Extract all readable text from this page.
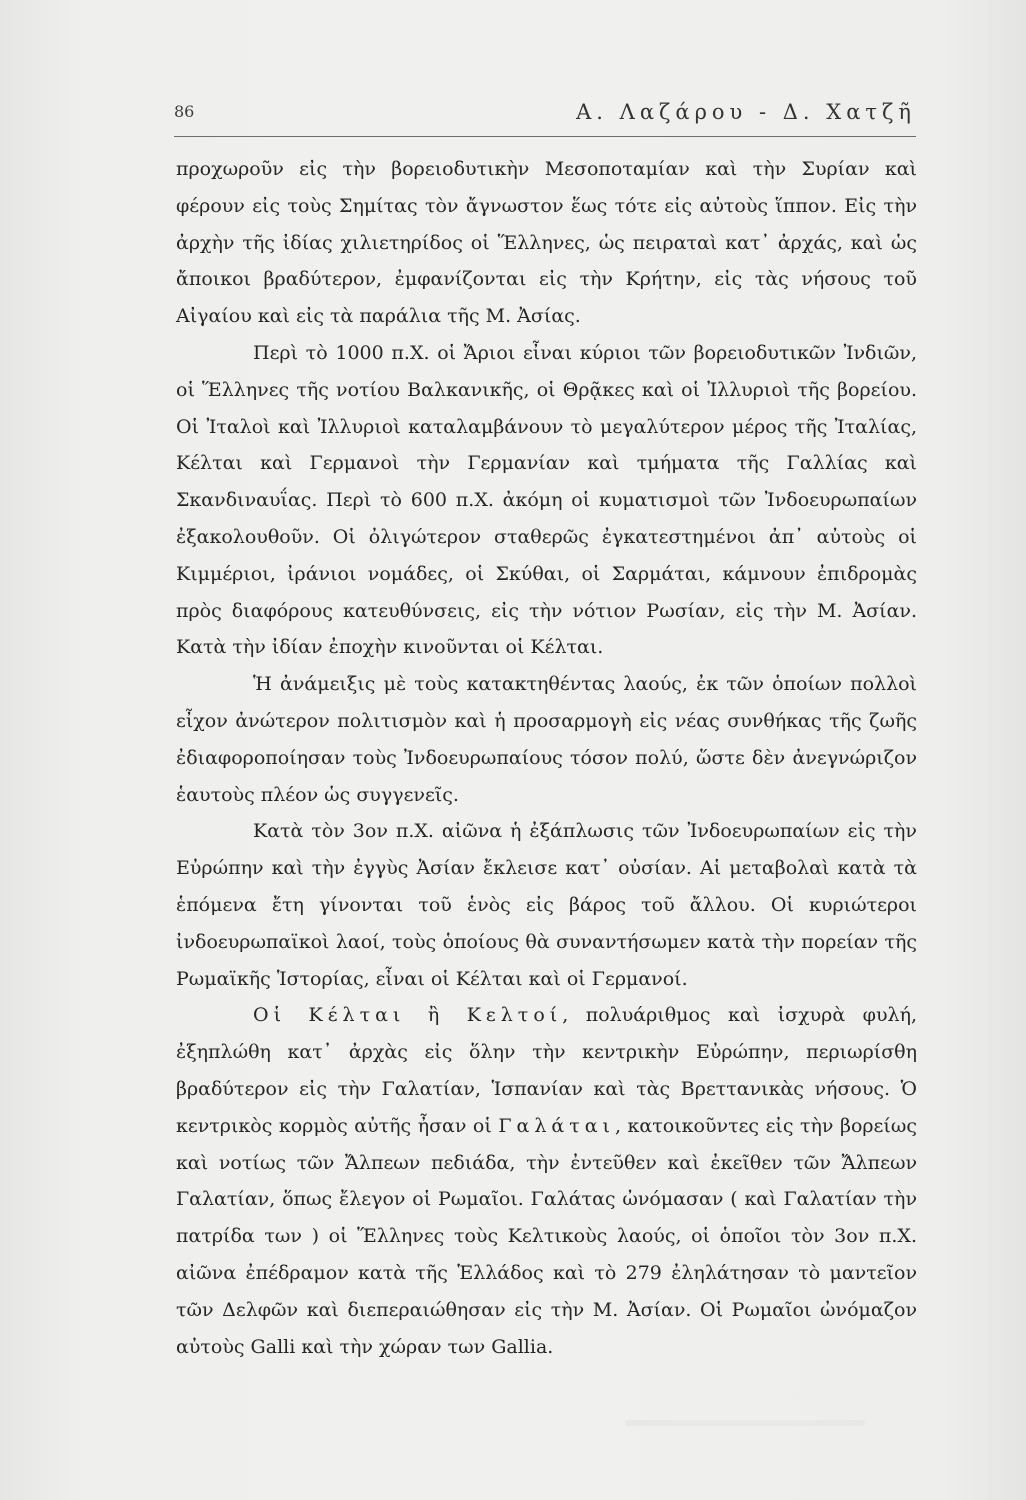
86	Α. Λαζάρου - Δ. Χατζῆ

προχωροῦν εἰς τὴν βορειοδυτικὴν Μεσοποταμίαν καὶ τὴν Συρίαν καὶ φέρουν εἰς τοὺς Σημίτας τὸν ἄγνωστον ἕως τότε εἰς αὐτοὺς ἵππον. Εἰς τὴν ἀρχὴν τῆς ἰδίας χιλιετηρίδος οἱ Ἕλληνες, ὡς πειραταὶ κατ᾽ ἀρχάς, καὶ ὡς ἄποικοι βραδύτερον, ἐμφανίζονται εἰς τὴν Κρήτην, εἰς τὰς νήσους τοῦ Αἰγαίου καὶ εἰς τὰ παράλια τῆς Μ. Ἀσίας.

Περὶ τὸ 1000 π.Χ. οἱ Ἄριοι εἶναι κύριοι τῶν βορειοδυτικῶν Ἰνδιῶν, οἱ Ἕλληνες τῆς νοτίου Βαλκανικῆς, οἱ Θρᾷκες καὶ οἱ Ἰλλυριοὶ τῆς βορείου. Οἱ Ἰταλοὶ καὶ Ἰλλυριοὶ καταλαμβάνουν τὸ μεγαλύτερον μέρος τῆς Ἰταλίας, Κέλται καὶ Γερμανοὶ τὴν Γερμανίαν καὶ τμήματα τῆς Γαλλίας καὶ Σκανδιναυΐας. Περὶ τὸ 600 π.Χ. ἀκόμη οἱ κυματισμοὶ τῶν Ἰνδοευρωπαίων ἐξακολουθοῦν. Οἱ ὀλιγώτερον σταθερῶς ἐγκατεστημένοι ἀπ᾽ αὐτοὺς οἱ Κιμμέριοι, ἰράνιοι νομάδες, οἱ Σκύθαι, οἱ Σαρμάται, κάμνουν ἐπιδρομὰς πρὸς διαφόρους κατευθύνσεις, εἰς τὴν νότιον Ρωσίαν, εἰς τὴν Μ. Ἀσίαν. Κατὰ τὴν ἰδίαν ἐποχὴν κινοῦνται οἱ Κέλται.

Ἡ ἀνάμειξις μὲ τοὺς κατακτηθέντας λαούς, ἐκ τῶν ὁποίων πολλοὶ εἶχον ἀνώτερον πολιτισμὸν καὶ ἡ προσαρμογὴ εἰς νέας συνθήκας τῆς ζωῆς ἐδιαφοροποίησαν τοὺς Ἰνδοευρωπαίους τόσον πολύ, ὥστε δὲν ἀνεγνώριζον ἑαυτοὺς πλέον ὡς συγγενεῖς.

Κατὰ τὸν 3ον π.Χ. αἰῶνα ἡ ἐξάπλωσις τῶν Ἰνδοευρωπαίων εἰς τὴν Εὐρώπην καὶ τὴν ἐγγὺς Ἀσίαν ἔκλεισε κατ᾽ οὐσίαν. Αἱ μεταβολαὶ κατὰ τὰ ἑπόμενα ἔτη γίνονται τοῦ ἑνὸς εἰς βάρος τοῦ ἄλλου. Οἱ κυριώτεροι ἰνδοευρωπαϊκοὶ λαοί, τοὺς ὁποίους θὰ συναντήσωμεν κατὰ τὴν πορείαν τῆς Ρωμαϊκῆς Ἱστορίας, εἶναι οἱ Κέλται καὶ οἱ Γερμανοί.

Οἱ Κέλται ἢ Κελτοί, πολυάριθμος καὶ ἰσχυρὰ φυλή, ἐξηπλώθη κατ᾽ ἀρχὰς εἰς ὅλην τὴν κεντρικὴν Εὐρώπην, περιωρίσθη βραδύτερον εἰς τὴν Γαλατίαν, Ἱσπανίαν καὶ τὰς Βρεττανικὰς νήσους. Ὁ κεντρικὸς κορμὸς αὐτῆς ἦσαν οἱ Γαλάται, κατοικοῦντες εἰς τὴν βορείως καὶ νοτίως τῶν Ἄλπεων πεδιάδα, τὴν ἐντεῦθεν καὶ ἐκεῖθεν τῶν Ἄλπεων Γαλατίαν, ὅπως ἔλεγον οἱ Ρωμαῖοι. Γαλάτας ὠνόμασαν ( καὶ Γαλατίαν τὴν πατρίδα των ) οἱ Ἕλληνες τοὺς Κελτικοὺς λαούς, οἱ ὁποῖοι τὸν 3ον π.Χ. αἰῶνα ἐπέδραμον κατὰ τῆς Ἑλλάδος καὶ τὸ 279 ἐληλάτησαν τὸ μαντεῖον τῶν Δελφῶν καὶ διεπεραιώθησαν εἰς τὴν Μ. Ἀσίαν. Οἱ Ρωμαῖοι ὠνόμαζον αὐτοὺς Galli καὶ τὴν χώραν των Gallia.
